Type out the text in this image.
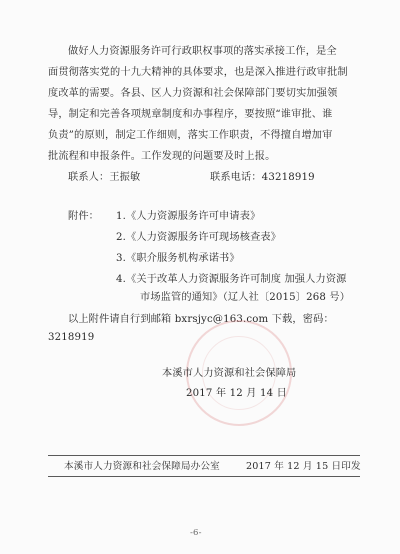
做好人力资源服务许可行政职权事项的落实承接工作，是全
面贯彻落实党的十九大精神的具体要求，也是深入推进行政审批制
度改革的需要。各县、区人力资源和社会保障部门要切实加强领
导，制定和完善各项规章制度和办事程序，要按照“谁审批、谁
负责”的原则，制定工作细则，落实工作职责，不得擅自增加审
批流程和申报条件。工作发现的问题要及时上报。
联系人：王振敏	联系电话：43218919
附件： 1.《人力资源服务许可申请表》
2.《人力资源服务许可现场核查表》
3.《职介服务机构承诺书》
4.《关于改革人力资源服务许可制度 加强人力资源
市场监管的通知》（辽人社〔2015〕268 号）
以上附件请自行到邮箱 bxrsjyc@163.com 下载，密码：
3218919
本溪市人力资源和社会保障局
2017 年 12 月 14 日
本溪市人力资源和社会保障局办公室	2017 年 12 月 15 日印发
-6-
